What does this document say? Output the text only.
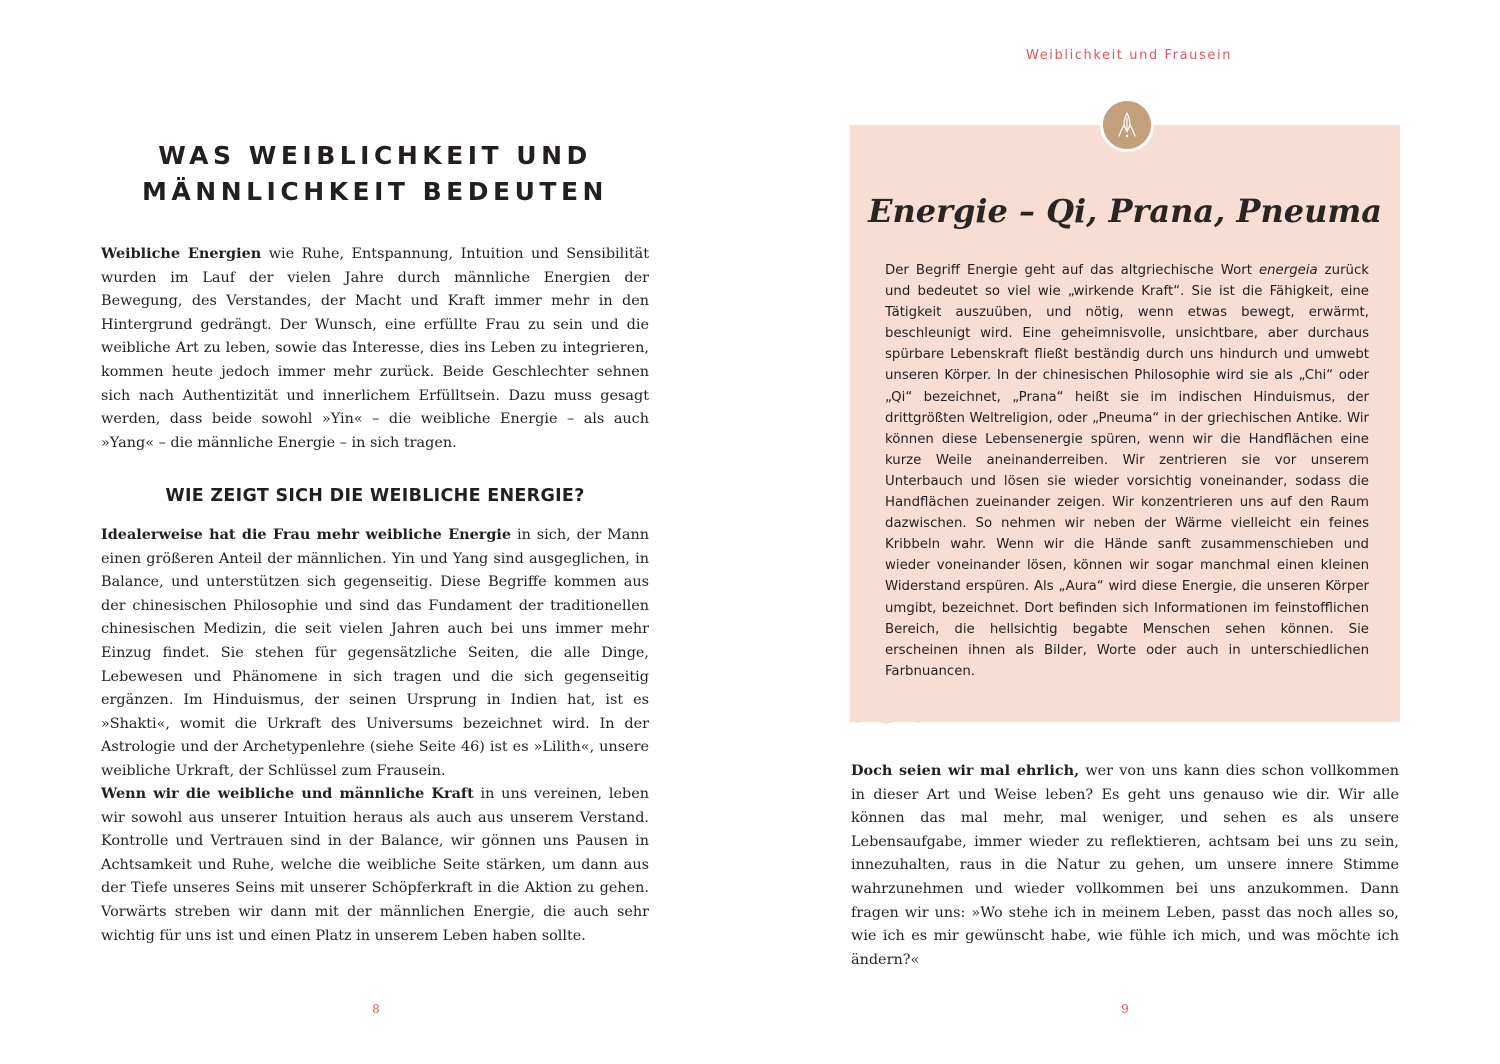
WAS WEIBLICHKEIT UND
MÄNNLICHKEIT BEDEUTEN

Weibliche Energien wie Ruhe, Entspannung, Intuition und Sensibilität wurden im Lauf der vielen Jahre durch männliche Energien der Bewegung, des Verstandes, der Macht und Kraft immer mehr in den Hintergrund gedrängt. Der Wunsch, eine erfüllte Frau zu sein und die weibliche Art zu leben, sowie das Interesse, dies ins Leben zu integrieren, kommen heute jedoch immer mehr zurück. Beide Geschlechter sehnen sich nach Authentizität und innerlichem Erfülltsein. Dazu muss gesagt werden, dass beide sowohl »Yin« – die weibliche Energie – als auch »Yang« – die männliche Energie – in sich tragen.

WIE ZEIGT SICH DIE WEIBLICHE ENERGIE?

Idealerweise hat die Frau mehr weibliche Energie in sich, der Mann einen größeren Anteil der männlichen. Yin und Yang sind ausgeglichen, in Balance, und unterstützen sich gegenseitig. Diese Begriffe kommen aus der chinesischen Philosophie und sind das Fundament der traditionellen chinesischen Medizin, die seit vielen Jahren auch bei uns immer mehr Einzug findet. Sie stehen für gegensätzliche Seiten, die alle Dinge, Lebewesen und Phänomene in sich tragen und die sich gegenseitig ergänzen. Im Hinduismus, der seinen Ursprung in Indien hat, ist es »Shakti«, womit die Urkraft des Universums bezeichnet wird. In der Astrologie und der Archetypenlehre (siehe Seite 46) ist es »Lilith«, unsere weibliche Urkraft, der Schlüssel zum Frausein.

Wenn wir die weibliche und männliche Kraft in uns vereinen, leben wir sowohl aus unserer Intuition heraus als auch aus unserem Verstand. Kontrolle und Vertrauen sind in der Balance, wir gönnen uns Pausen in Achtsamkeit und Ruhe, welche die weibliche Seite stärken, um dann aus der Tiefe unseres Seins mit unserer Schöpferkraft in die Aktion zu gehen. Vorwärts streben wir dann mit der männlichen Energie, die auch sehr wichtig für uns ist und einen Platz in unserem Leben haben sollte.

8
Weiblichkeit und Frausein
Energie – Qi, Prana, Pneuma

Der Begriff Energie geht auf das altgriechische Wort energeia zurück und bedeutet so viel wie „wirkende Kraft“. Sie ist die Fähigkeit, eine Tätigkeit auszuüben, und nötig, wenn etwas bewegt, erwärmt, beschleunigt wird. Eine geheimnisvolle, unsichtbare, aber durchaus spürbare Lebenskraft fließt beständig durch uns hindurch und umwebt unseren Körper. In der chinesischen Philosophie wird sie als „Chi“ oder „Qi“ bezeichnet, „Prana“ heißt sie im indischen Hinduismus, der drittgrößten Weltreligion, oder „Pneuma“ in der griechischen Antike. Wir können diese Lebensenergie spüren, wenn wir die Handflächen eine kurze Weile aneinanderreiben. Wir zentrieren sie vor unserem Unterbauch und lösen sie wieder vorsichtig voneinander, sodass die Handflächen zueinander zeigen. Wir konzentrieren uns auf den Raum dazwischen. So nehmen wir neben der Wärme vielleicht ein feines Kribbeln wahr. Wenn wir die Hände sanft zusammenschieben und wieder voneinander lösen, können wir sogar manchmal einen kleinen Widerstand erspüren. Als „Aura“ wird diese Energie, die unseren Körper umgibt, bezeichnet. Dort befinden sich Informationen im feinstofflichen Bereich, die hellsichtig begabte Menschen sehen können. Sie erscheinen ihnen als Bilder, Worte oder auch in unterschiedlichen Farbnuancen.

Doch seien wir mal ehrlich, wer von uns kann dies schon vollkommen in dieser Art und Weise leben? Es geht uns genauso wie dir. Wir alle können das mal mehr, mal weniger, und sehen es als unsere Lebensaufgabe, immer wieder zu reflektieren, achtsam bei uns zu sein, innezuhalten, raus in die Natur zu gehen, um unsere innere Stimme wahrzunehmen und wieder vollkommen bei uns anzukommen. Dann fragen wir uns: »Wo stehe ich in meinem Leben, passt das noch alles so, wie ich es mir gewünscht habe, wie fühle ich mich, und was möchte ich ändern?«

9
